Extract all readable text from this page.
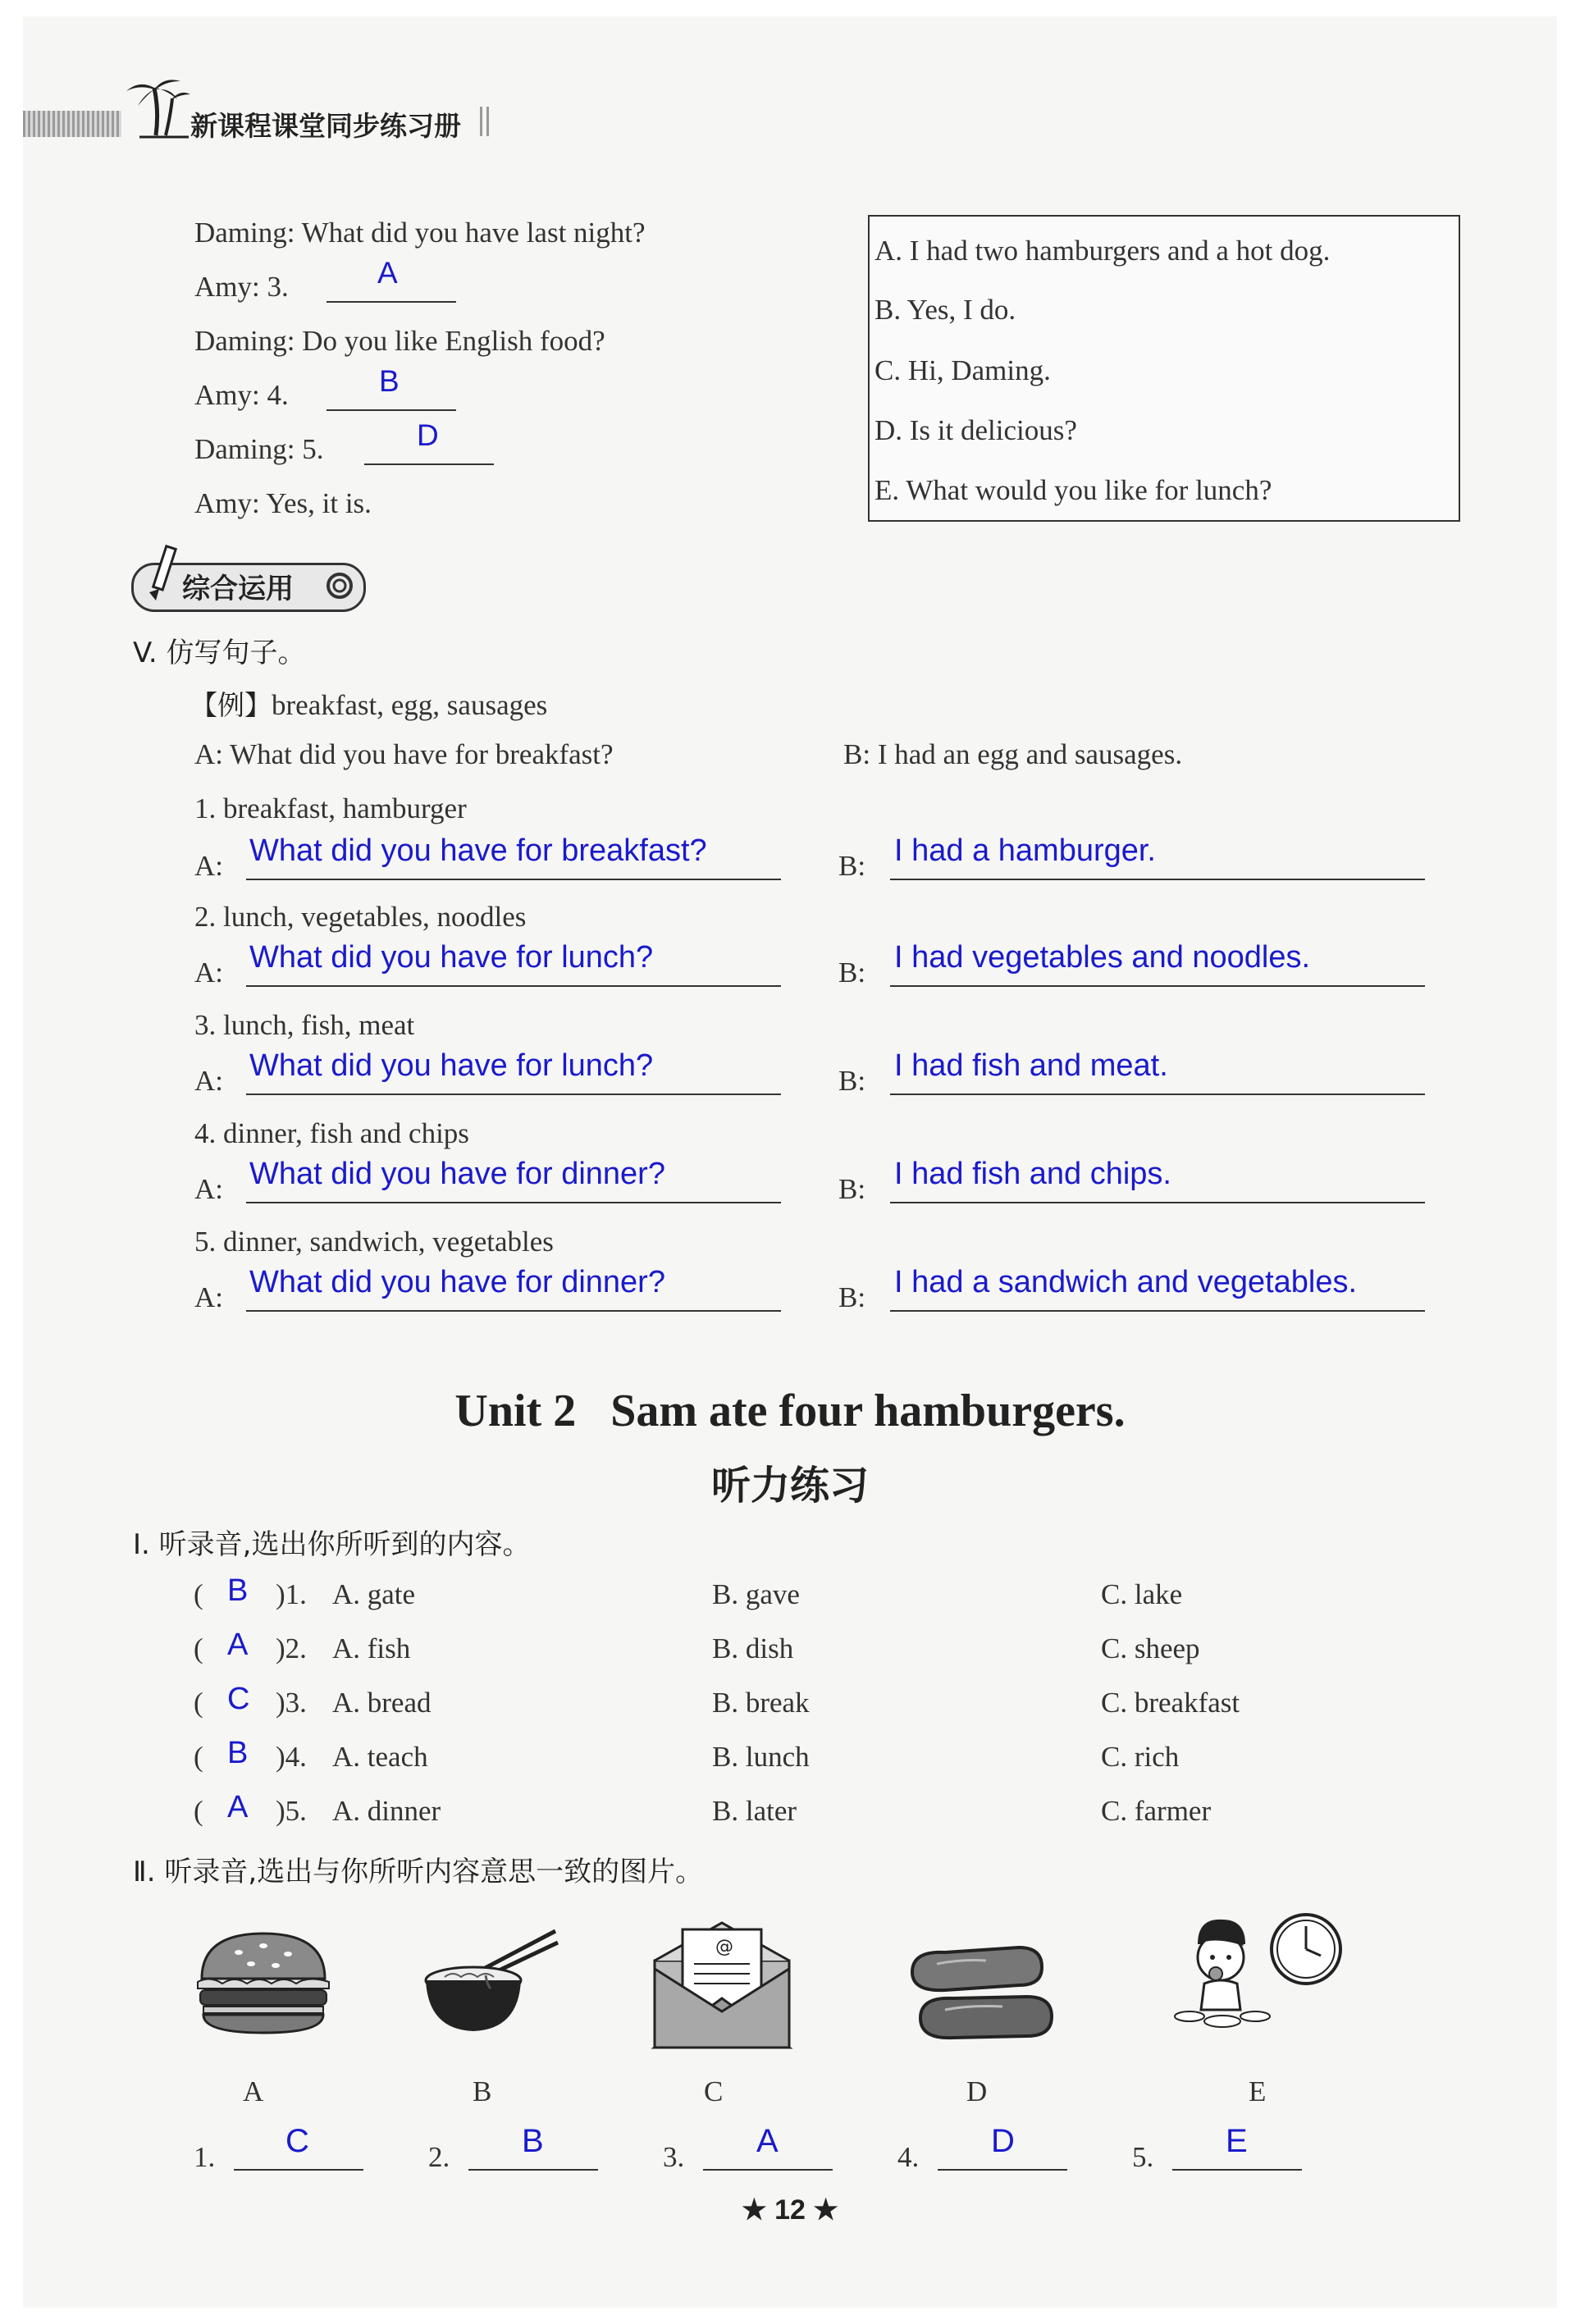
新课程课堂同步练习册
Daming: What did you have last night?
Amy: 3.	A
Daming: Do you like English food?
Amy: 4.	B
Daming: 5.	D
Amy: Yes, it is.
A. I had two hamburgers and a hot dog.
B. Yes, I do.
C. Hi, Daming.
D. Is it delicious?
E. What would you like for lunch?
综合运用
V. 仿写句子。
【例】breakfast, egg, sausages
A: What did you have for breakfast?	B: I had an egg and sausages.
1. breakfast, hamburger
A: What did you have for breakfast?	B: I had a hamburger.
2. lunch, vegetables, noodles
A: What did you have for lunch?	B: I had vegetables and noodles.
3. lunch, fish, meat
A: What did you have for lunch?	B: I had fish and meat.
4. dinner, fish and chips
A: What did you have for dinner?	B: I had fish and chips.
5. dinner, sandwich, vegetables
A: What did you have for dinner?	B: I had a sandwich and vegetables.
Unit 2   Sam ate four hamburgers.
听力练习
Ⅰ. 听录音,选出你所听到的内容。
( B )1. A. gate	B. gave	C. lake
( A )2. A. fish	B. dish	C. sheep
( C )3. A. bread	B. break	C. breakfast
( B )4. A. teach	B. lunch	C. rich
( A )5. A. dinner	B. later	C. farmer
Ⅱ. 听录音,选出与你所听内容意思一致的图片。
A	B
@
C	D	E
1. C	2. B	3. A	4. D	5. E
★ 12 ★
